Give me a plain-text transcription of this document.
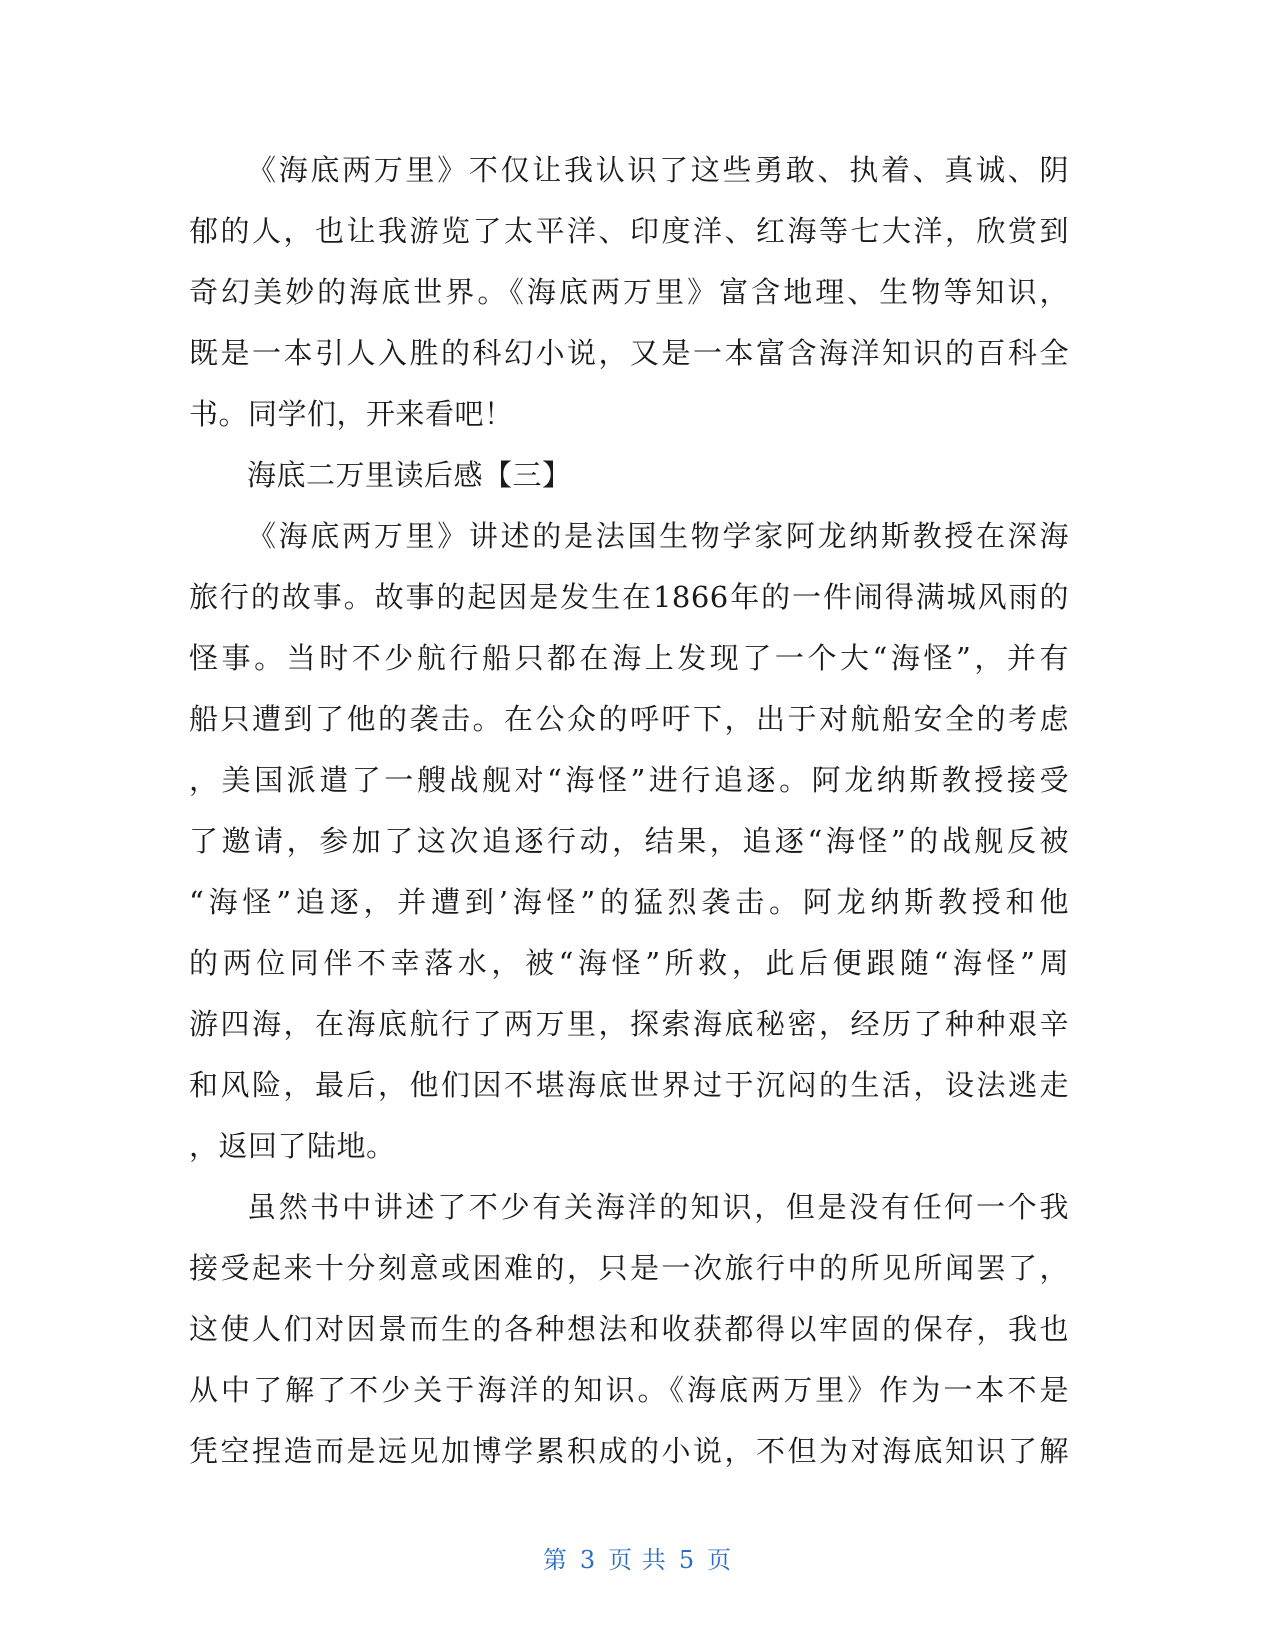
《海底两万里》不仅让我认识了这些勇敢、执着、真诚、阴
郁的人，也让我游览了太平洋、印度洋、红海等七大洋，欣赏到
奇幻美妙的海底世界。《海底两万里》富含地理、生物等知识，
既是一本引人入胜的科幻小说，又是一本富含海洋知识的百科全
书。同学们，开来看吧！
海底二万里读后感【三】
《海底两万里》讲述的是法国生物学家阿龙纳斯教授在深海
旅行的故事。故事的起因是发生在1866年的一件闹得满城风雨的
怪事。当时不少航行船只都在海上发现了一个大“海怪”，并有
船只遭到了他的袭击。在公众的呼吁下，出于对航船安全的考虑
，美国派遣了一艘战舰对“海怪”进行追逐。阿龙纳斯教授接受
了邀请，参加了这次追逐行动，结果，追逐“海怪”的战舰反被
“海怪”追逐，并遭到’海怪”的猛烈袭击。阿龙纳斯教授和他
的两位同伴不幸落水，被“海怪”所救，此后便跟随“海怪”周
游四海，在海底航行了两万里，探索海底秘密，经历了种种艰辛
和风险，最后，他们因不堪海底世界过于沉闷的生活，设法逃走
，返回了陆地。
虽然书中讲述了不少有关海洋的知识，但是没有任何一个我
接受起来十分刻意或困难的，只是一次旅行中的所见所闻罢了，
这使人们对因景而生的各种想法和收获都得以牢固的保存，我也
从中了解了不少关于海洋的知识。《海底两万里》作为一本不是
凭空捏造而是远见加博学累积成的小说，不但为对海底知识了解
第 3 页 共 5 页
